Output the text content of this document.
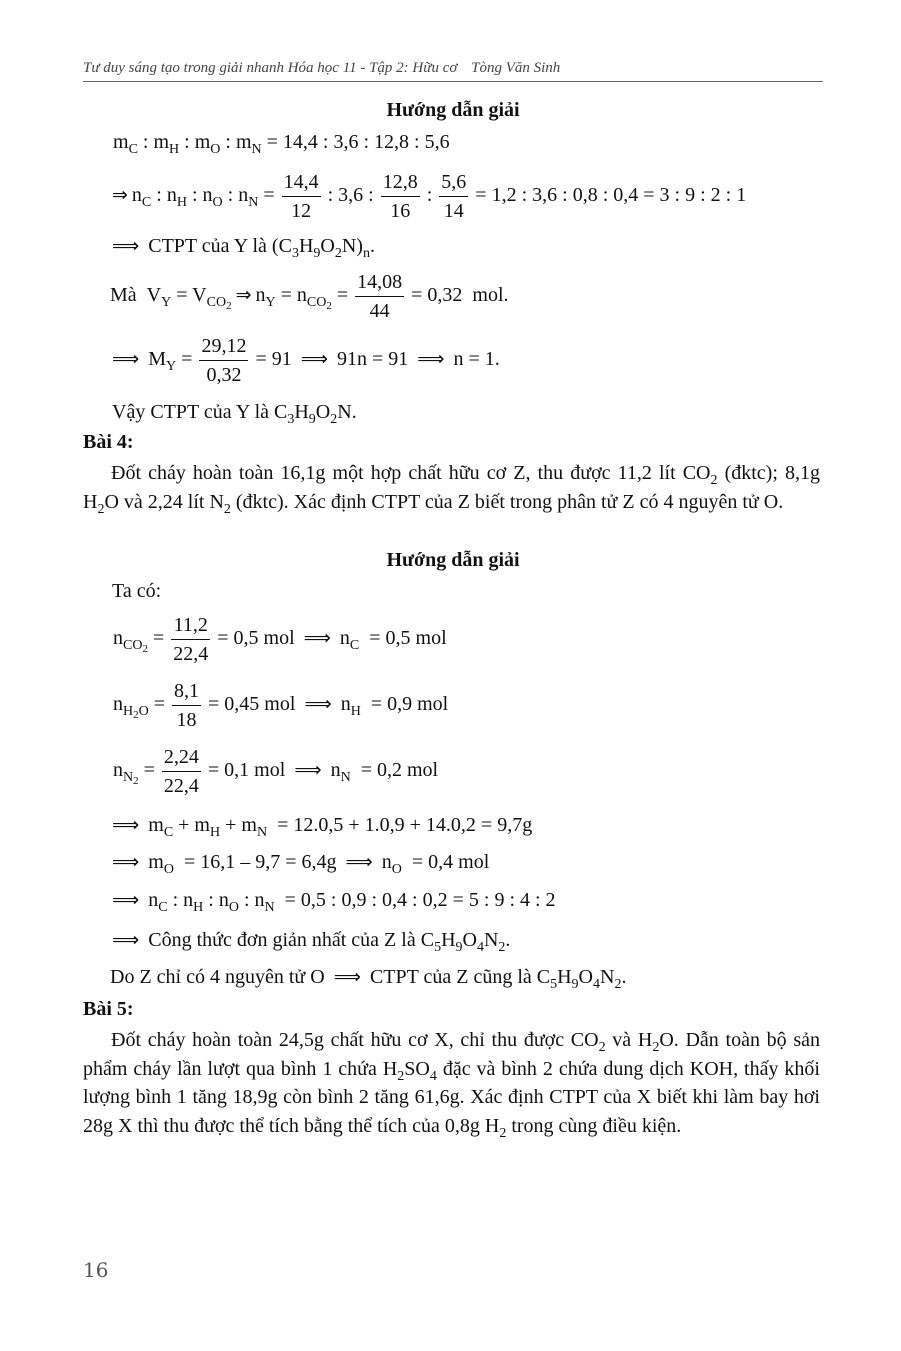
Tư duy sáng tạo trong giải nhanh Hóa học 11 - Tập 2: Hữu cơ Tòng Văn Sinh
Hướng dẫn giải
$m_C$ : $m_H$ : $m_O$ : $m_N = 14,4$ : 3,6 : 12,8 : 5,6
⇒ $n_C$ : $n_H$ : $n_O$ : $n_N = \frac{14,4}{12}$ : 3,6 : $\frac{12,8}{16}$ : $\frac{5,6}{14} = 1,2$ : 3,6 : 0,8 : 0,4 = 3 : 9 : 2 : 1
⟹ CTPT của Y là $(C_3H_9O_2N)_n$.
Mà  $V_Y = V_{CO_2}$ ⇒ $n_Y = n_{CO_2} = \frac{14,08}{44} = 0,32$  mol.
⟹ $M_Y = \frac{29,12}{0,32} = 91$ ⟹ 91n = 91 ⟹ n = 1.
Vậy CTPT của Y là $C_3H_9O_2N$.
Bài 4:
Đốt cháy hoàn toàn 16,1g một hợp chất hữu cơ Z, thu được 11,2 lít $CO_2$ (đktc); 8,1g $H_2O$ và 2,24 lít $N_2$ (đktc). Xác định CTPT của Z biết trong phân tử Z có 4 nguyên tử O.
Hướng dẫn giải
Ta có:
$n_{CO_2} = \frac{11,2}{22,4} = 0,5$ mol ⟹ $n_C = 0,5$ mol
$n_{H_2O} = \frac{8,1}{18} = 0,45$ mol ⟹ $n_H = 0,9$ mol
$n_{N_2} = \frac{2,24}{22,4} = 0,1$ mol ⟹ $n_N = 0,2$ mol
⟹ $m_C + m_H + m_N = 12.0,5 + 1.0,9 + 14.0,2 = 9,7g$
⟹ $m_O = 16,1 - 9,7 = 6,4g$ ⟹ $n_O = 0,4$ mol
⟹ $n_C$ : $n_H$ : $n_O$ : $n_N = 0,5$ : 0,9 : 0,4 : 0,2 = 5 : 9 : 4 : 2
⟹ Công thức đơn giản nhất của Z là $C_5H_9O_4N_2$.
Do Z chỉ có 4 nguyên tử O ⟹ CTPT của Z cũng là $C_5H_9O_4N_2$.
Bài 5:
Đốt cháy hoàn toàn 24,5g chất hữu cơ X, chỉ thu được $CO_2$ và $H_2O$. Dẫn toàn bộ sản phẩm cháy lần lượt qua bình 1 chứa $H_2SO_4$ đặc và bình 2 chứa dung dịch KOH, thấy khối lượng bình 1 tăng 18,9g còn bình 2 tăng 61,6g. Xác định CTPT của X biết khi làm bay hơi 28g X thì thu được thể tích bằng thể tích của 0,8g $H_2$ trong cùng điều kiện.
16
